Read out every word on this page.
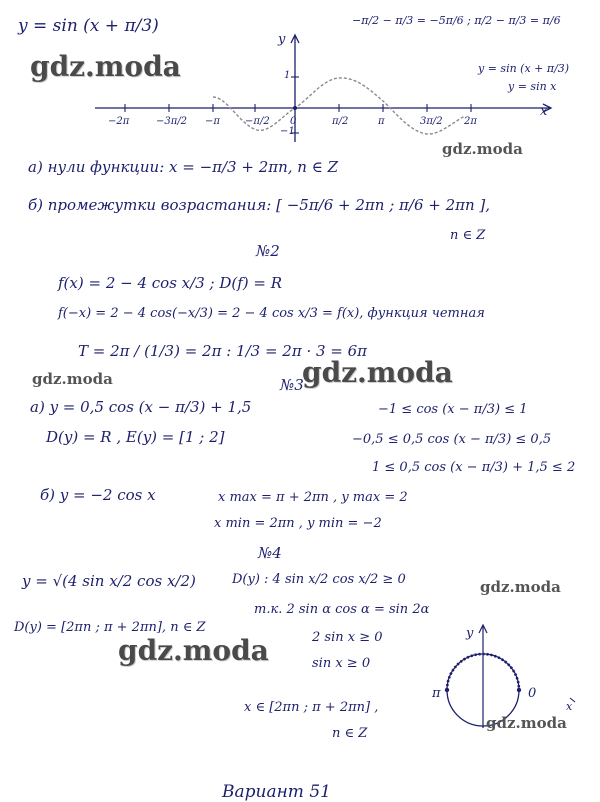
y = sin (x + π/3)	−π/2 − π/3 = −5π/6 ; π/2 − π/3 = π/6
y = sin (x + π/3)
y = sin x
y
x
1
−1
−2π	−3π/2 −π	−π/2 0	π/2	π	3π/2 2π
а) нули функции: x = −π/3 + 2πn, n ∈ Z
б) промежутки возрастания: [ −5π/6 + 2πn ; π/6 + 2πn ],
n ∈ Z
№2
f(x) = 2 − 4 cos x/3 ; D(f) = R
f(−x) = 2 − 4 cos(−x/3) = 2 − 4 cos x/3 = f(x), функция четная
T = 2π / (1/3) = 2π : 1/3 = 2π · 3 = 6π
№3
а) y = 0,5 cos (x − π/3) + 1,5
D(y) = R , E(y) = [1 ; 2]
−1 ≤ cos (x − π/3) ≤ 1
−0,5 ≤ 0,5 cos (x − π/3) ≤ 0,5
1 ≤ 0,5 cos (x − π/3) + 1,5 ≤ 2
б) y = −2 cos x	x max = π + 2πn , y max = 2
x min = 2πn , y min = −2
№4
y = √(4 sin x/2 cos x/2)	D(y) : 4 sin x/2 cos x/2 ≥ 0
т.к. 2 sin α cos α = sin 2α
2 sin x ≥ 0
sin x ≥ 0
D(y) = [2πn ; π + 2πn], n ∈ Z
x ∈ [2πn ; π + 2πn] ,
n ∈ Z
y
x
π	0
Вариант 51
gdz.moda
gdz.moda
gdz.moda	gdz.moda
gdz.moda
gdz.moda
gdz.moda
